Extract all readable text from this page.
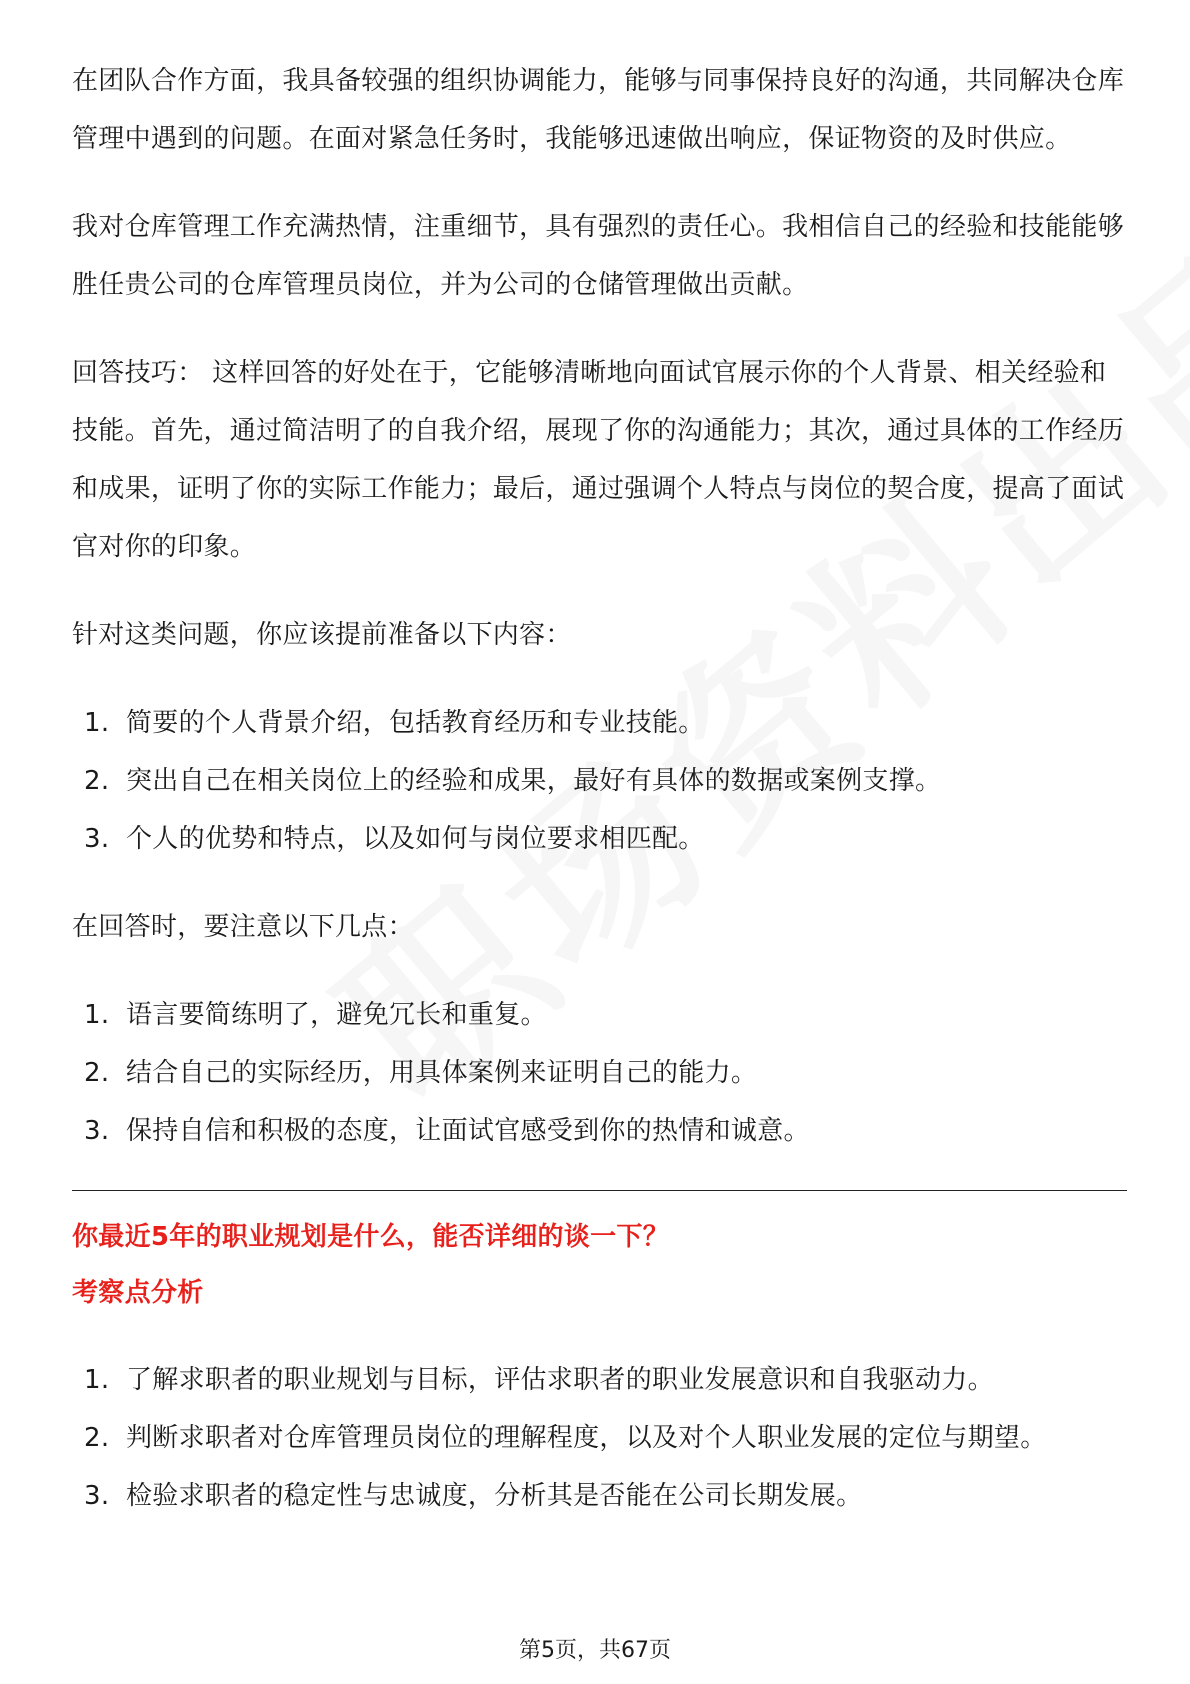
在团队合作方面，我具备较强的组织协调能力，能够与同事保持良好的沟通，共同解决仓库管理中遇到的问题。在面对紧急任务时，我能够迅速做出响应，保证物资的及时供应。

我对仓库管理工作充满热情，注重细节，具有强烈的责任心。我相信自己的经验和技能能够胜任贵公司的仓库管理员岗位，并为公司的仓储管理做出贡献。

回答技巧： 这样回答的好处在于，它能够清晰地向面试官展示你的个人背景、相关经验和技能。首先，通过简洁明了的自我介绍，展现了你的沟通能力；其次，通过具体的工作经历和成果，证明了你的实际工作能力；最后，通过强调个人特点与岗位的契合度，提高了面试官对你的印象。

针对这类问题，你应该提前准备以下内容：

1. 简要的个人背景介绍，包括教育经历和专业技能。
2. 突出自己在相关岗位上的经验和成果，最好有具体的数据或案例支撑。
3. 个人的优势和特点，以及如何与岗位要求相匹配。

在回答时，要注意以下几点：

1. 语言要简练明了，避免冗长和重复。
2. 结合自己的实际经历，用具体案例来证明自己的能力。
3. 保持自信和积极的态度，让面试官感受到你的热情和诚意。

你最近5年的职业规划是什么，能否详细的谈一下？

考察点分析

1. 了解求职者的职业规划与目标，评估求职者的职业发展意识和自我驱动力。
2. 判断求职者对仓库管理员岗位的理解程度，以及对个人职业发展的定位与期望。
3. 检验求职者的稳定性与忠诚度，分析其是否能在公司长期发展。
第5页，共67页
